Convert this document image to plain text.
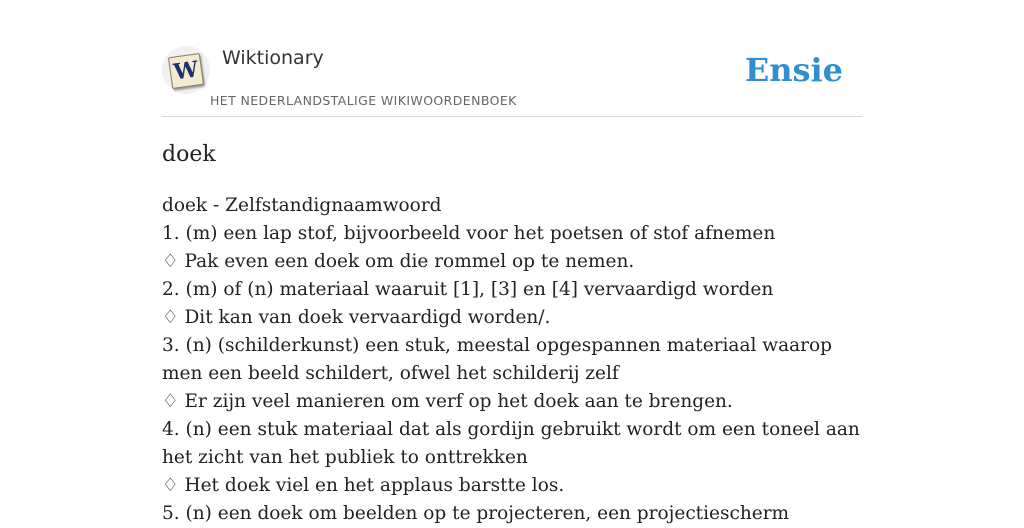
W Wiktionary
HET NEDERLANDSTALIGE WIKIWOORDENBOEK
Ensie
doek
doek - Zelfstandignaamwoord
1. (m) een lap stof, bijvoorbeeld voor het poetsen of stof afnemen
♢ Pak even een doek om die rommel op te nemen.
2. (m) of (n) materiaal waaruit [1], [3] en [4] vervaardigd worden
♢ Dit kan van doek vervaardigd worden/.
3. (n) (schilderkunst) een stuk, meestal opgespannen materiaal waarop men een beeld schildert, ofwel het schilderij zelf
♢ Er zijn veel manieren om verf op het doek aan te brengen.
4. (n) een stuk materiaal dat als gordijn gebruikt wordt om een toneel aan het zicht van het publiek to onttrekken
♢ Het doek viel en het applaus barstte los.
5. (n) een doek om beelden op te projecteren, een projectiescherm
